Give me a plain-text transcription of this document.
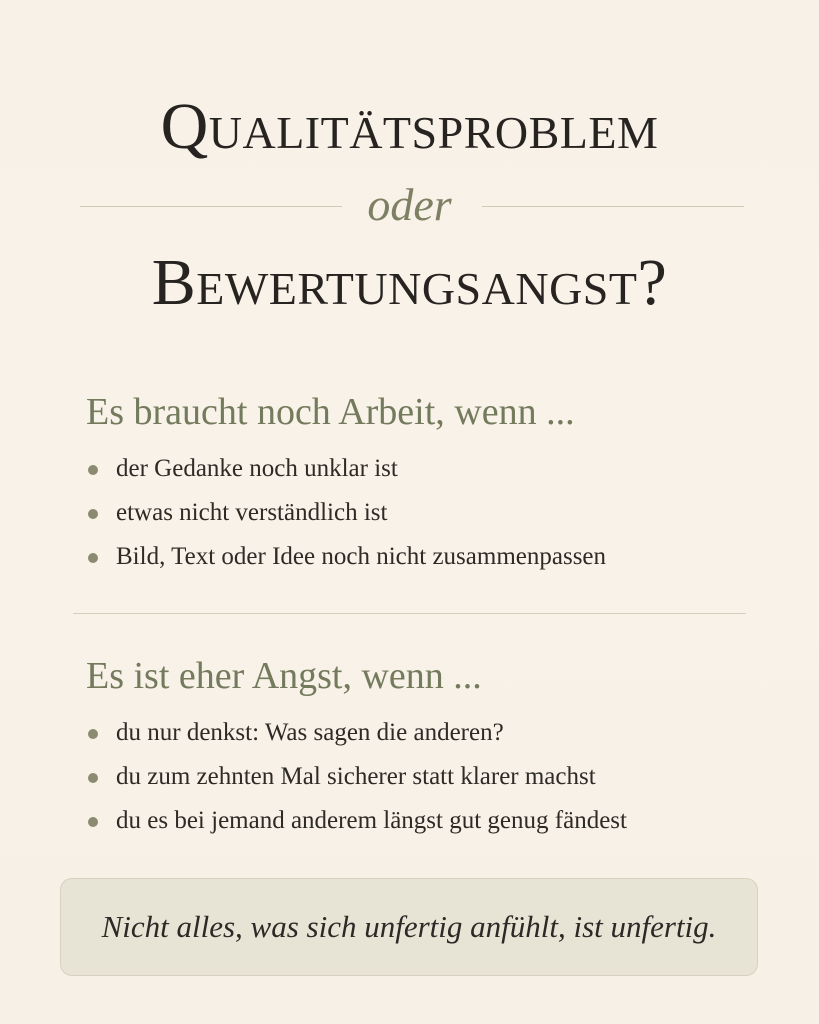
Qualitätsproblem
oder
Bewertungsangst?
Es braucht noch Arbeit, wenn ...
der Gedanke noch unklar ist
etwas nicht verständlich ist
Bild, Text oder Idee noch nicht zusammenpassen
Es ist eher Angst, wenn ...
du nur denkst: Was sagen die anderen?
du zum zehnten Mal sicherer statt klarer machst
du es bei jemand anderem längst gut genug fändest
Nicht alles, was sich unfertig anfühlt, ist unfertig.
